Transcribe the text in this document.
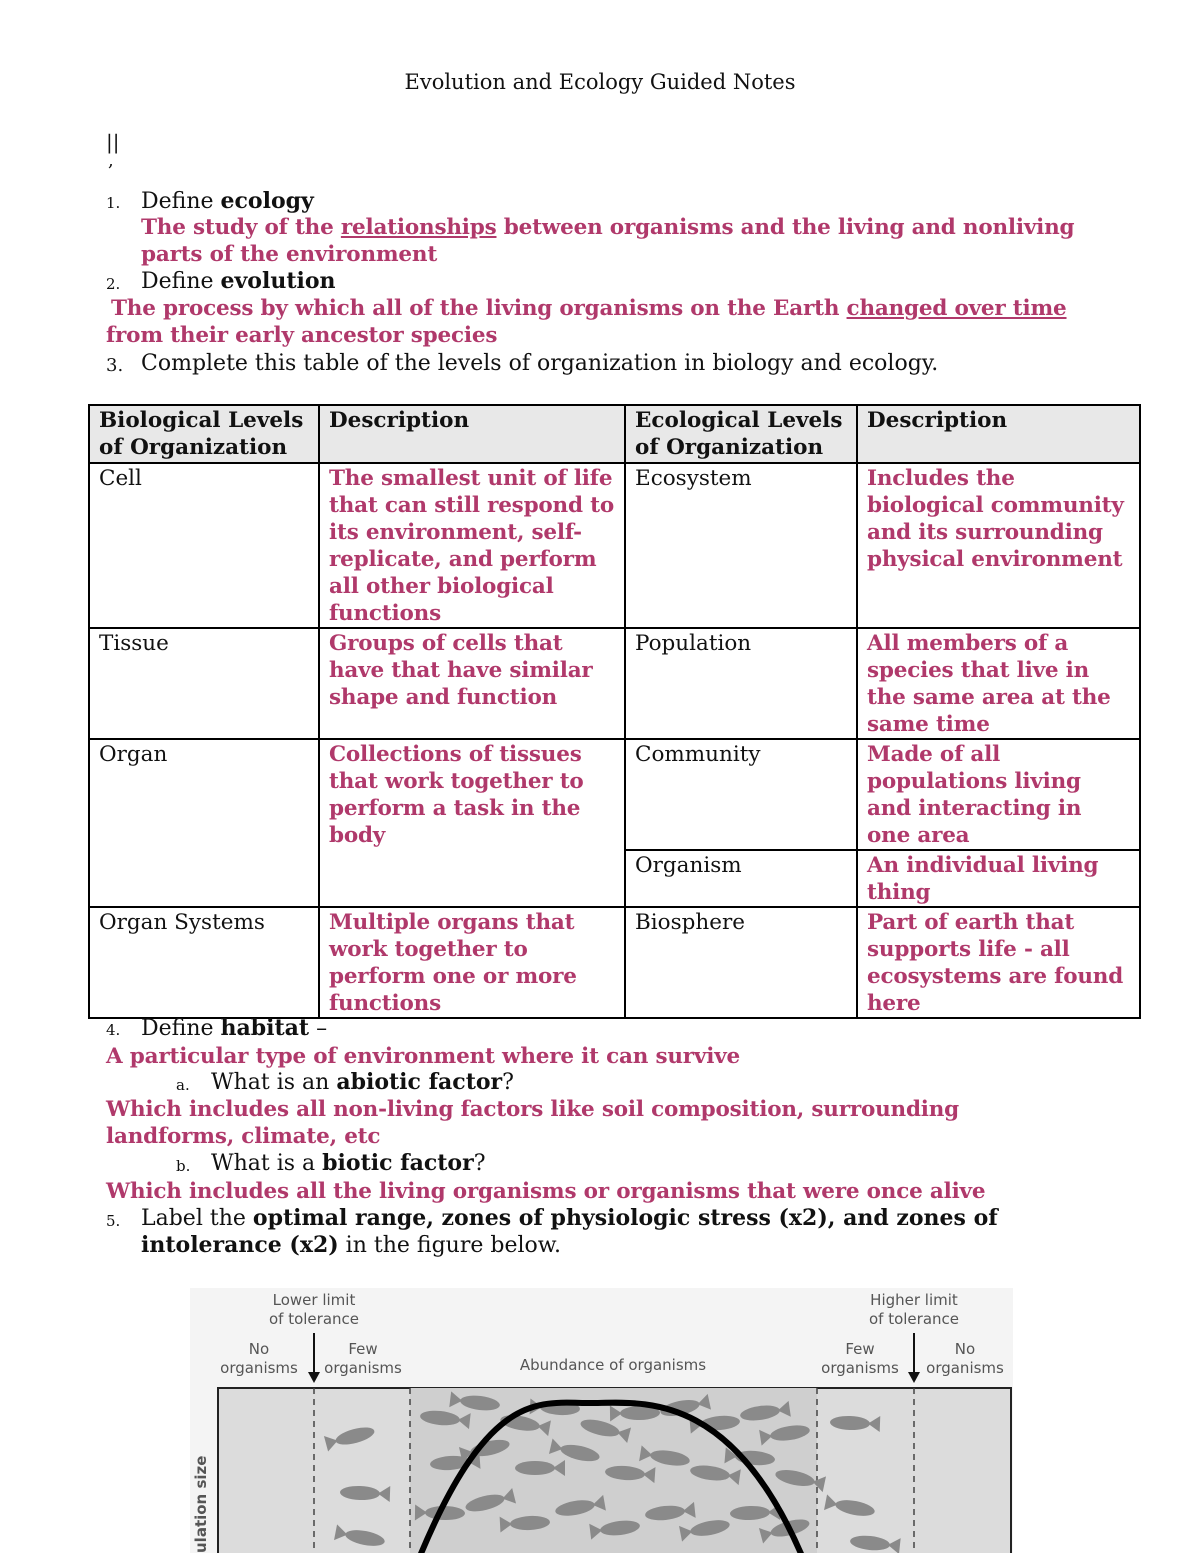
Evolution and Ecology Guided Notes
||
,
1. Define ecology
The study of the relationships between organisms and the living and nonliving parts of the environment
2. Define evolution
The process by which all of the living organisms on the Earth changed over time from their early ancestor species
3. Complete this table of the levels of organization in biology and ecology.
Biological Levels of Organization	Description	Ecological Levels of Organization	Description
Cell	The smallest unit of life that can still respond to its environment, self-replicate, and perform all other biological functions	Ecosystem	Includes the biological community and its surrounding physical environment
Tissue	Groups of cells that have that have similar shape and function	Population	All members of a species that live in the same area at the same time
Organ	Collections of tissues that work together to perform a task in the body	Community	Made of all populations living and interacting in one area
		Organism	An individual living thing
Organ Systems	Multiple organs that work together to perform one or more functions	Biosphere	Part of earth that supports life - all ecosystems are found here
4. Define habitat –
A particular type of environment where it can survive
a. What is an abiotic factor?
Which includes all non-living factors like soil composition, surrounding landforms, climate, etc
b. What is a biotic factor?
Which includes all the living organisms or organisms that were once alive
5. Label the optimal range, zones of physiologic stress (x2), and zones of intolerance (x2) in the figure below.
Lower limit
of tolerance
Higher limit
of tolerance
No
organisms
Few
organisms	Abundance of organisms
Few
organisms
No
organisms
ulation size
